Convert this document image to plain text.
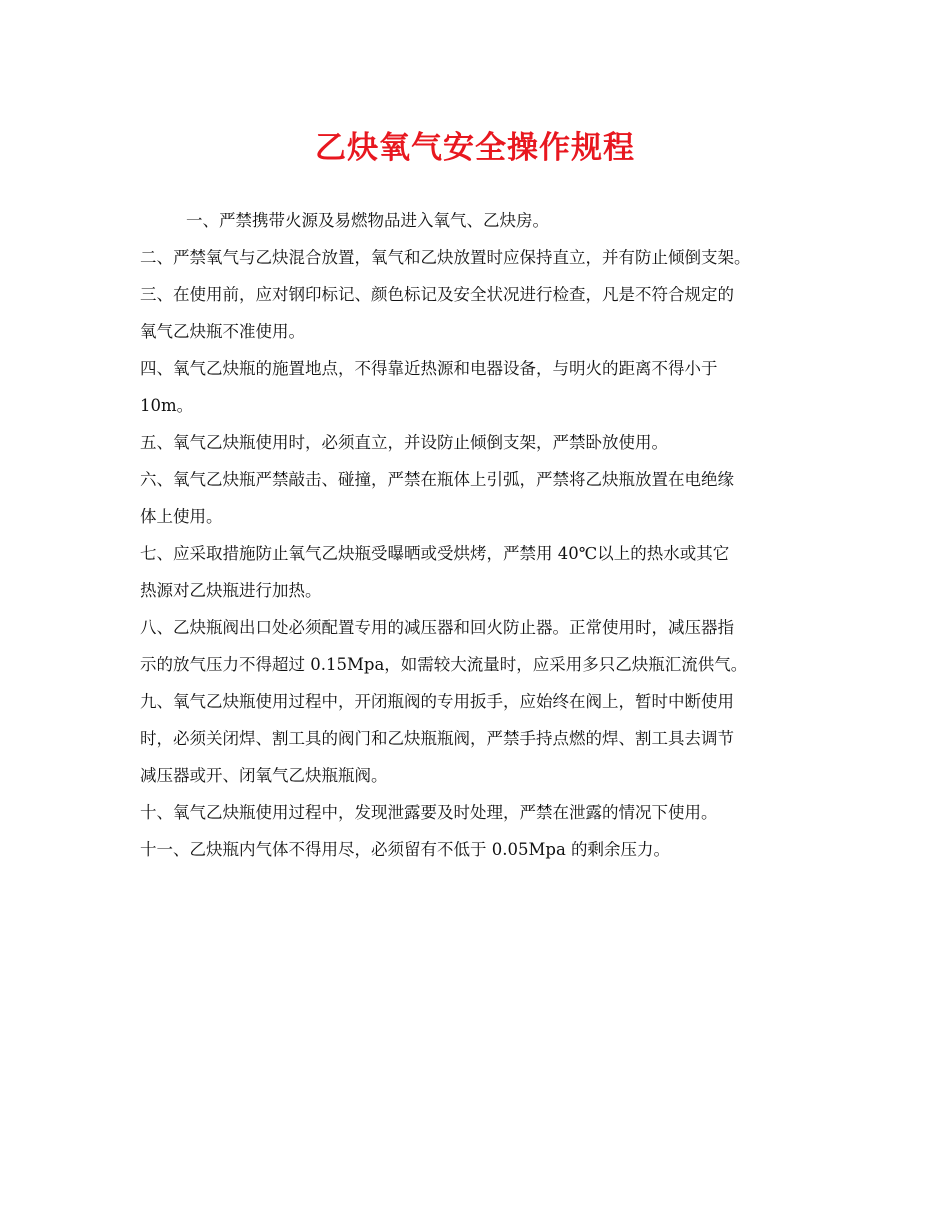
乙炔氧气安全操作规程
一、严禁携带火源及易燃物品进入氧气、乙炔房。
二、严禁氧气与乙炔混合放置，氧气和乙炔放置时应保持直立，并有防止倾倒支架。
三、在使用前，应对钢印标记、颜色标记及安全状况进行检查，凡是不符合规定的
氧气乙炔瓶不准使用。
四、氧气乙炔瓶的施置地点，不得靠近热源和电器设备，与明火的距离不得小于
10m。
五、氧气乙炔瓶使用时，必须直立，并设防止倾倒支架，严禁卧放使用。
六、氧气乙炔瓶严禁敲击、碰撞，严禁在瓶体上引弧，严禁将乙炔瓶放置在电绝缘
体上使用。
七、应采取措施防止氧气乙炔瓶受曝晒或受烘烤，严禁用 40℃以上的热水或其它
热源对乙炔瓶进行加热。
八、乙炔瓶阀出口处必须配置专用的减压器和回火防止器。正常使用时，减压器指
示的放气压力不得超过 0.15Mpa，如需较大流量时，应采用多只乙炔瓶汇流供气。
九、氧气乙炔瓶使用过程中，开闭瓶阀的专用扳手，应始终在阀上，暂时中断使用
时，必须关闭焊、割工具的阀门和乙炔瓶瓶阀，严禁手持点燃的焊、割工具去调节
减压器或开、闭氧气乙炔瓶瓶阀。
十、氧气乙炔瓶使用过程中，发现泄露要及时处理，严禁在泄露的情况下使用。
十一、乙炔瓶内气体不得用尽，必须留有不低于 0.05Mpa 的剩余压力。
